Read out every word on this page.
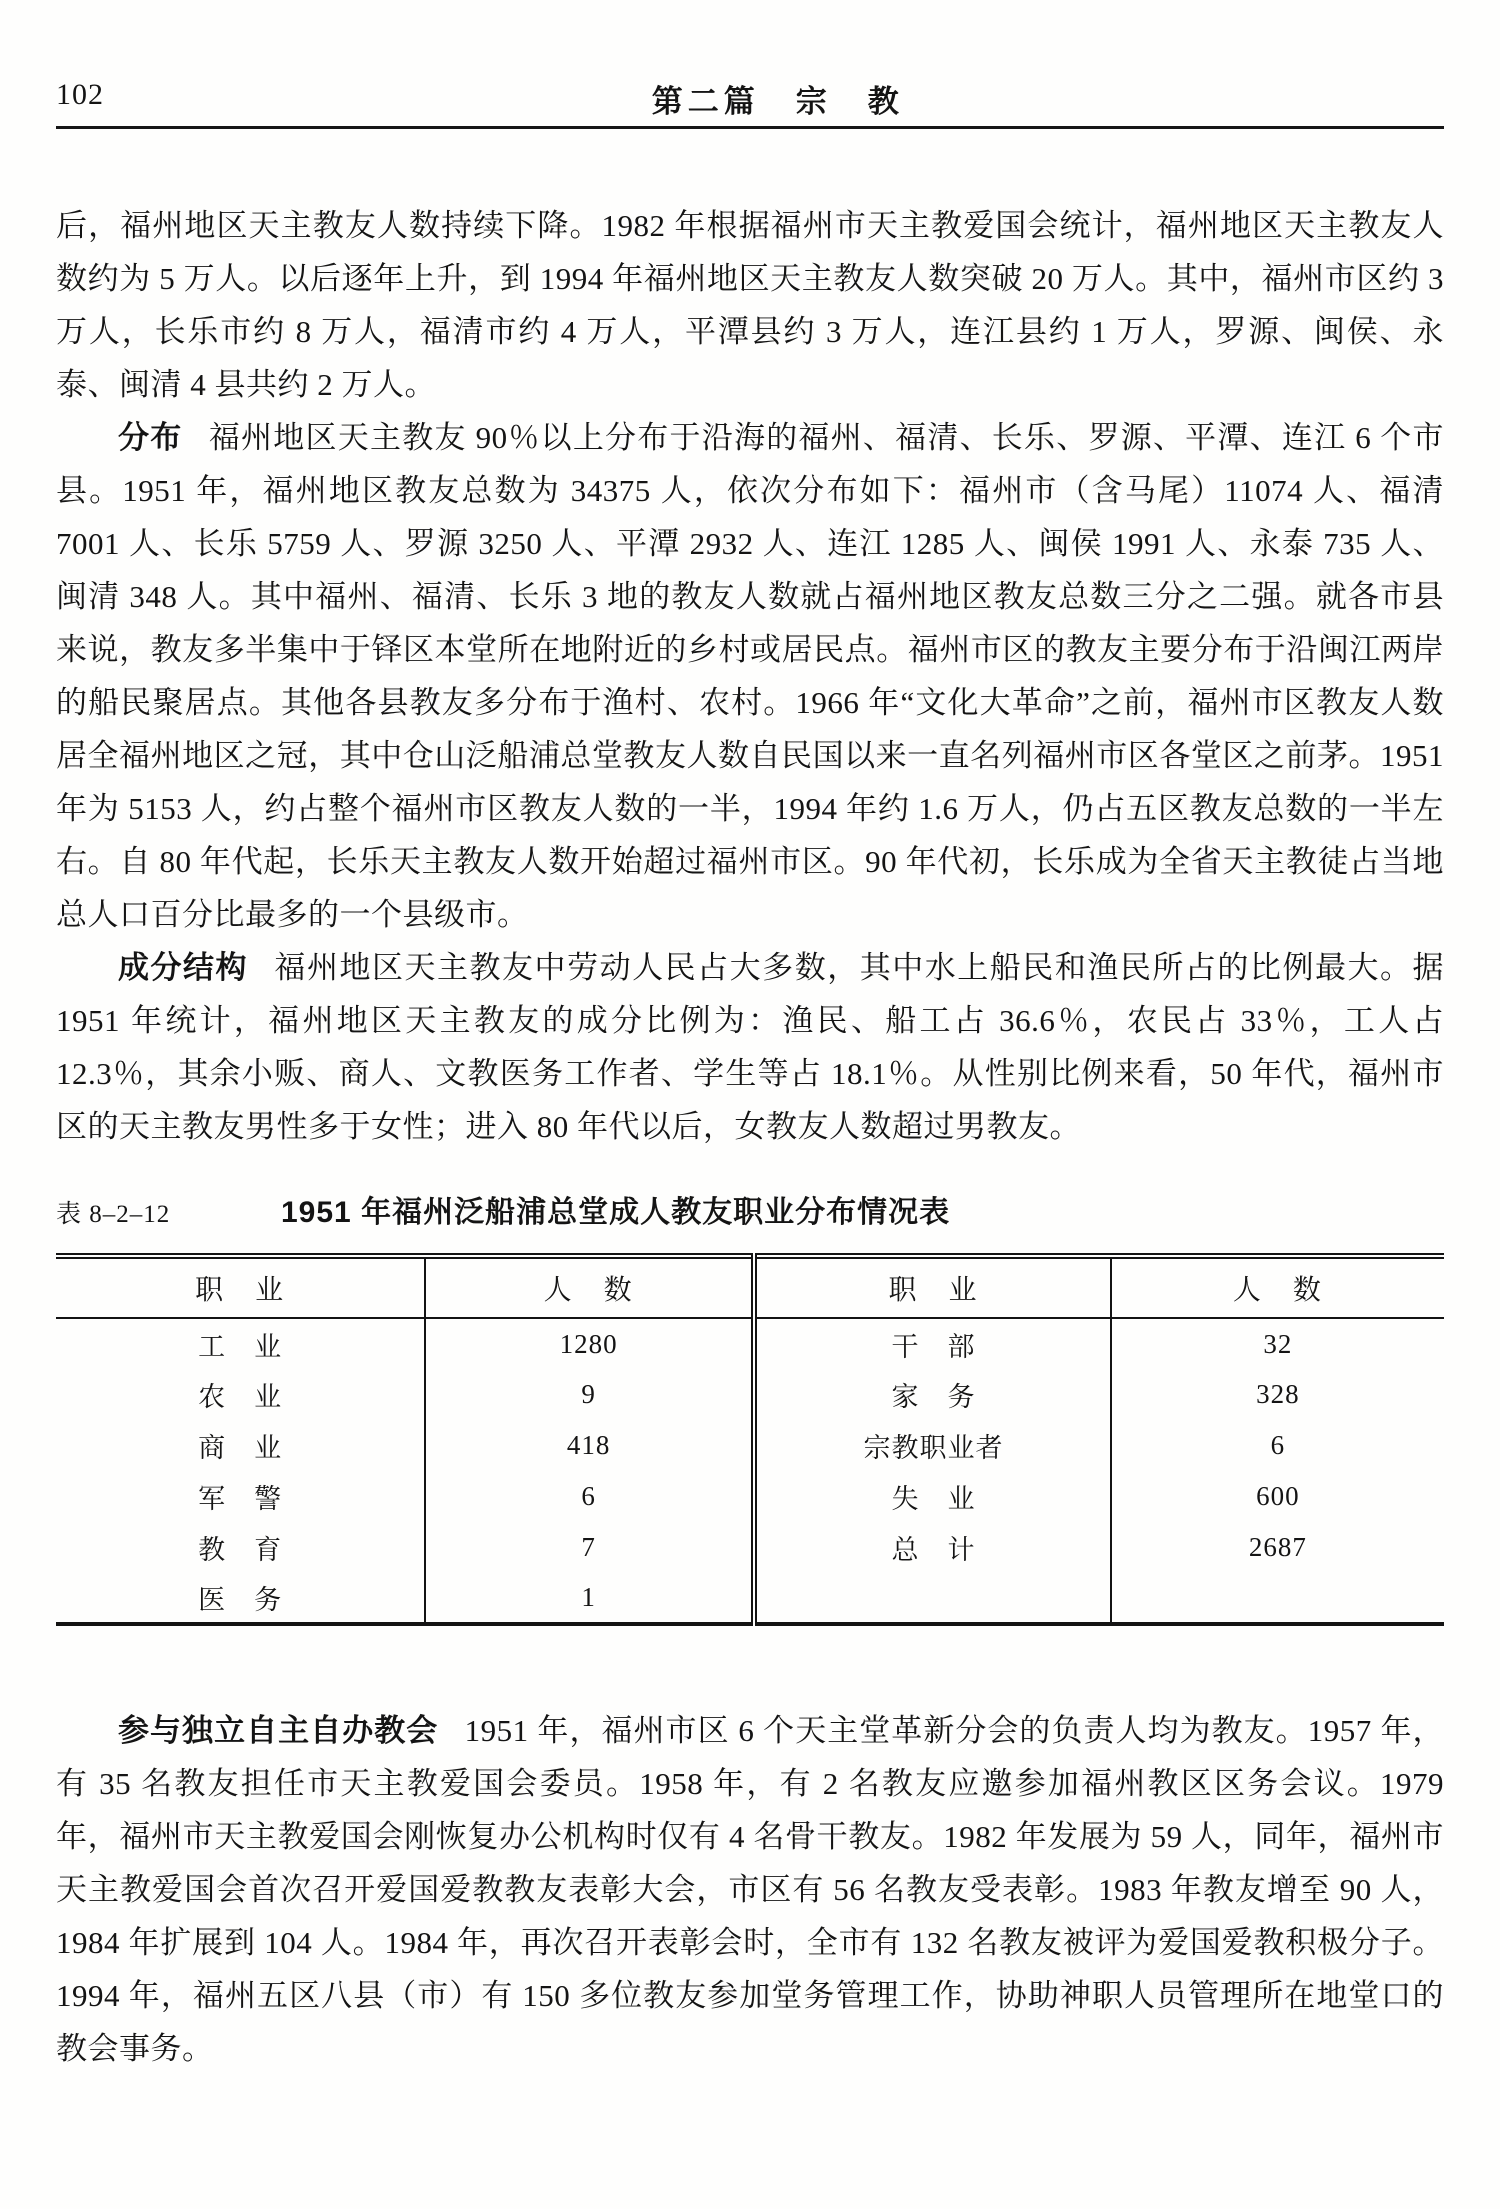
102	第二篇　宗　教

后，福州地区天主教友人数持续下降。1982 年根据福州市天主教爱国会统计，福州地区天主教友人数约为 5 万人。以后逐年上升，到 1994 年福州地区天主教友人数突破 20 万人。其中，福州市区约 3 万人，长乐市约 8 万人，福清市约 4 万人，平潭县约 3 万人，连江县约 1 万人，罗源、闽侯、永泰、闽清 4 县共约 2 万人。

分布 福州地区天主教友 90％以上分布于沿海的福州、福清、长乐、罗源、平潭、连江 6 个市县。1951 年，福州地区教友总数为 34375 人，依次分布如下：福州市（含马尾）11074 人、福清 7001 人、长乐 5759 人、罗源 3250 人、平潭 2932 人、连江 1285 人、闽侯 1991 人、永泰 735 人、闽清 348 人。其中福州、福清、长乐 3 地的教友人数就占福州地区教友总数三分之二强。就各市县来说，教友多半集中于铎区本堂所在地附近的乡村或居民点。福州市区的教友主要分布于沿闽江两岸的船民聚居点。其他各县教友多分布于渔村、农村。1966 年“文化大革命”之前，福州市区教友人数居全福州地区之冠，其中仓山泛船浦总堂教友人数自民国以来一直名列福州市区各堂区之前茅。1951 年为 5153 人，约占整个福州市区教友人数的一半，1994 年约 1.6 万人，仍占五区教友总数的一半左右。自 80 年代起，长乐天主教友人数开始超过福州市区。90 年代初，长乐成为全省天主教徒占当地总人口百分比最多的一个县级市。

成分结构 福州地区天主教友中劳动人民占大多数，其中水上船民和渔民所占的比例最大。据 1951 年统计，福州地区天主教友的成分比例为：渔民、船工占 36.6％，农民占 33％，工人占 12.3％，其余小贩、商人、文教医务工作者、学生等占 18.1％。从性别比例来看，50 年代，福州市区的天主教友男性多于女性；进入 80 年代以后，女教友人数超过男教友。

表 8–2–12	1951 年福州泛船浦总堂成人教友职业分布情况表
职　业	人　数	职　业	人　数
工　业	1280	干　部	32
农　业	9	家　务	328
商　业	418	宗教职业者	6
军　警	6	失　业	600
教　育	7	总　计	2687
医　务	1		

参与独立自主自办教会 1951 年，福州市区 6 个天主堂革新分会的负责人均为教友。1957 年，有 35 名教友担任市天主教爱国会委员。1958 年，有 2 名教友应邀参加福州教区区务会议。1979 年，福州市天主教爱国会刚恢复办公机构时仅有 4 名骨干教友。1982 年发展为 59 人，同年，福州市天主教爱国会首次召开爱国爱教教友表彰大会，市区有 56 名教友受表彰。1983 年教友增至 90 人，1984 年扩展到 104 人。1984 年，再次召开表彰会时，全市有 132 名教友被评为爱国爱教积极分子。1994 年，福州五区八县（市）有 150 多位教友参加堂务管理工作，协助神职人员管理所在地堂口的教会事务。
